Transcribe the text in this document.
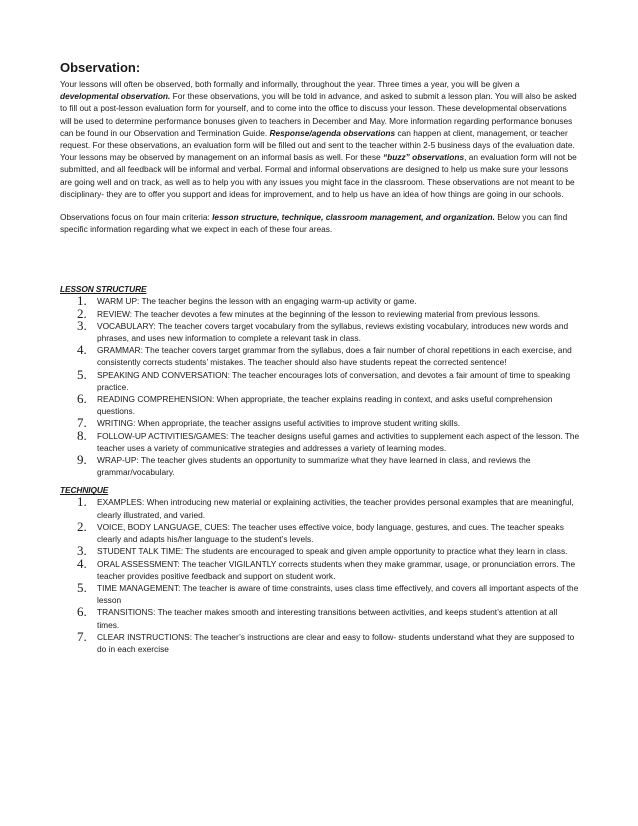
Observation:

Your lessons will often be observed, both formally and informally, throughout the year. Three times a year, you will be given a developmental observation. For these observations, you will be told in advance, and asked to submit a lesson plan. You will also be asked to fill out a post-lesson evaluation form for yourself, and to come into the office to discuss your lesson. These developmental observations will be used to determine performance bonuses given to teachers in December and May. More information regarding performance bonuses can be found in our Observation and Termination Guide. Response/agenda observations can happen at client, management, or teacher request. For these observations, an evaluation form will be filled out and sent to the teacher within 2-5 business days of the evaluation date. Your lessons may be observed by management on an informal basis as well. For these “buzz” observations, an evaluation form will not be submitted, and all feedback will be informal and verbal. Formal and informal observations are designed to help us make sure your lessons are going well and on track, as well as to help you with any issues you might face in the classroom. These observations are not meant to be disciplinary- they are to offer you support and ideas for improvement, and to help us have an idea of how things are going in our schools.

Observations focus on four main criteria: lesson structure, technique, classroom management, and organization. Below you can find specific information regarding what we expect in each of these four areas.

LESSON STRUCTURE

1. WARM UP: The teacher begins the lesson with an engaging warm-up activity or game.
2. REVIEW: The teacher devotes a few minutes at the beginning of the lesson to reviewing material from previous lessons.
3. VOCABULARY: The teacher covers target vocabulary from the syllabus, reviews existing vocabulary, introduces new words and phrases, and uses new information to complete a relevant task in class.
4. GRAMMAR: The teacher covers target grammar from the syllabus, does a fair number of choral repetitions in each exercise, and consistently corrects students’ mistakes. The teacher should also have students repeat the corrected sentence!
5. SPEAKING AND CONVERSATION: The teacher encourages lots of conversation, and devotes a fair amount of time to speaking practice.
6. READING COMPREHENSION: When appropriate, the teacher explains reading in context, and asks useful comprehension questions.
7. WRITING: When appropriate, the teacher assigns useful activities to improve student writing skills.
8. FOLLOW-UP ACTIVITIES/GAMES: The teacher designs useful games and activities to supplement each aspect of the lesson. The teacher uses a variety of communicative strategies and addresses a variety of learning modes.
9. WRAP-UP: The teacher gives students an opportunity to summarize what they have learned in class, and reviews the grammar/vocabulary.

TECHNIQUE

1. EXAMPLES: When introducing new material or explaining activities, the teacher provides personal examples that are meaningful, clearly illustrated, and varied.
2. VOICE, BODY LANGUAGE, CUES: The teacher uses effective voice, body language, gestures, and cues. The teacher speaks clearly and adapts his/her language to the student’s levels.
3. STUDENT TALK TIME: The students are encouraged to speak and given ample opportunity to practice what they learn in class.
4. ORAL ASSESSMENT: The teacher VIGILANTLY corrects students when they make grammar, usage, or pronunciation errors. The teacher provides positive feedback and support on student work.
5. TIME MANAGEMENT: The teacher is aware of time constraints, uses class time effectively, and covers all important aspects of the lesson
6. TRANSITIONS: The teacher makes smooth and interesting transitions between activities, and keeps student’s attention at all times.
7. CLEAR INSTRUCTIONS: The teacher’s instructions are clear and easy to follow- students understand what they are supposed to do in each exercise
